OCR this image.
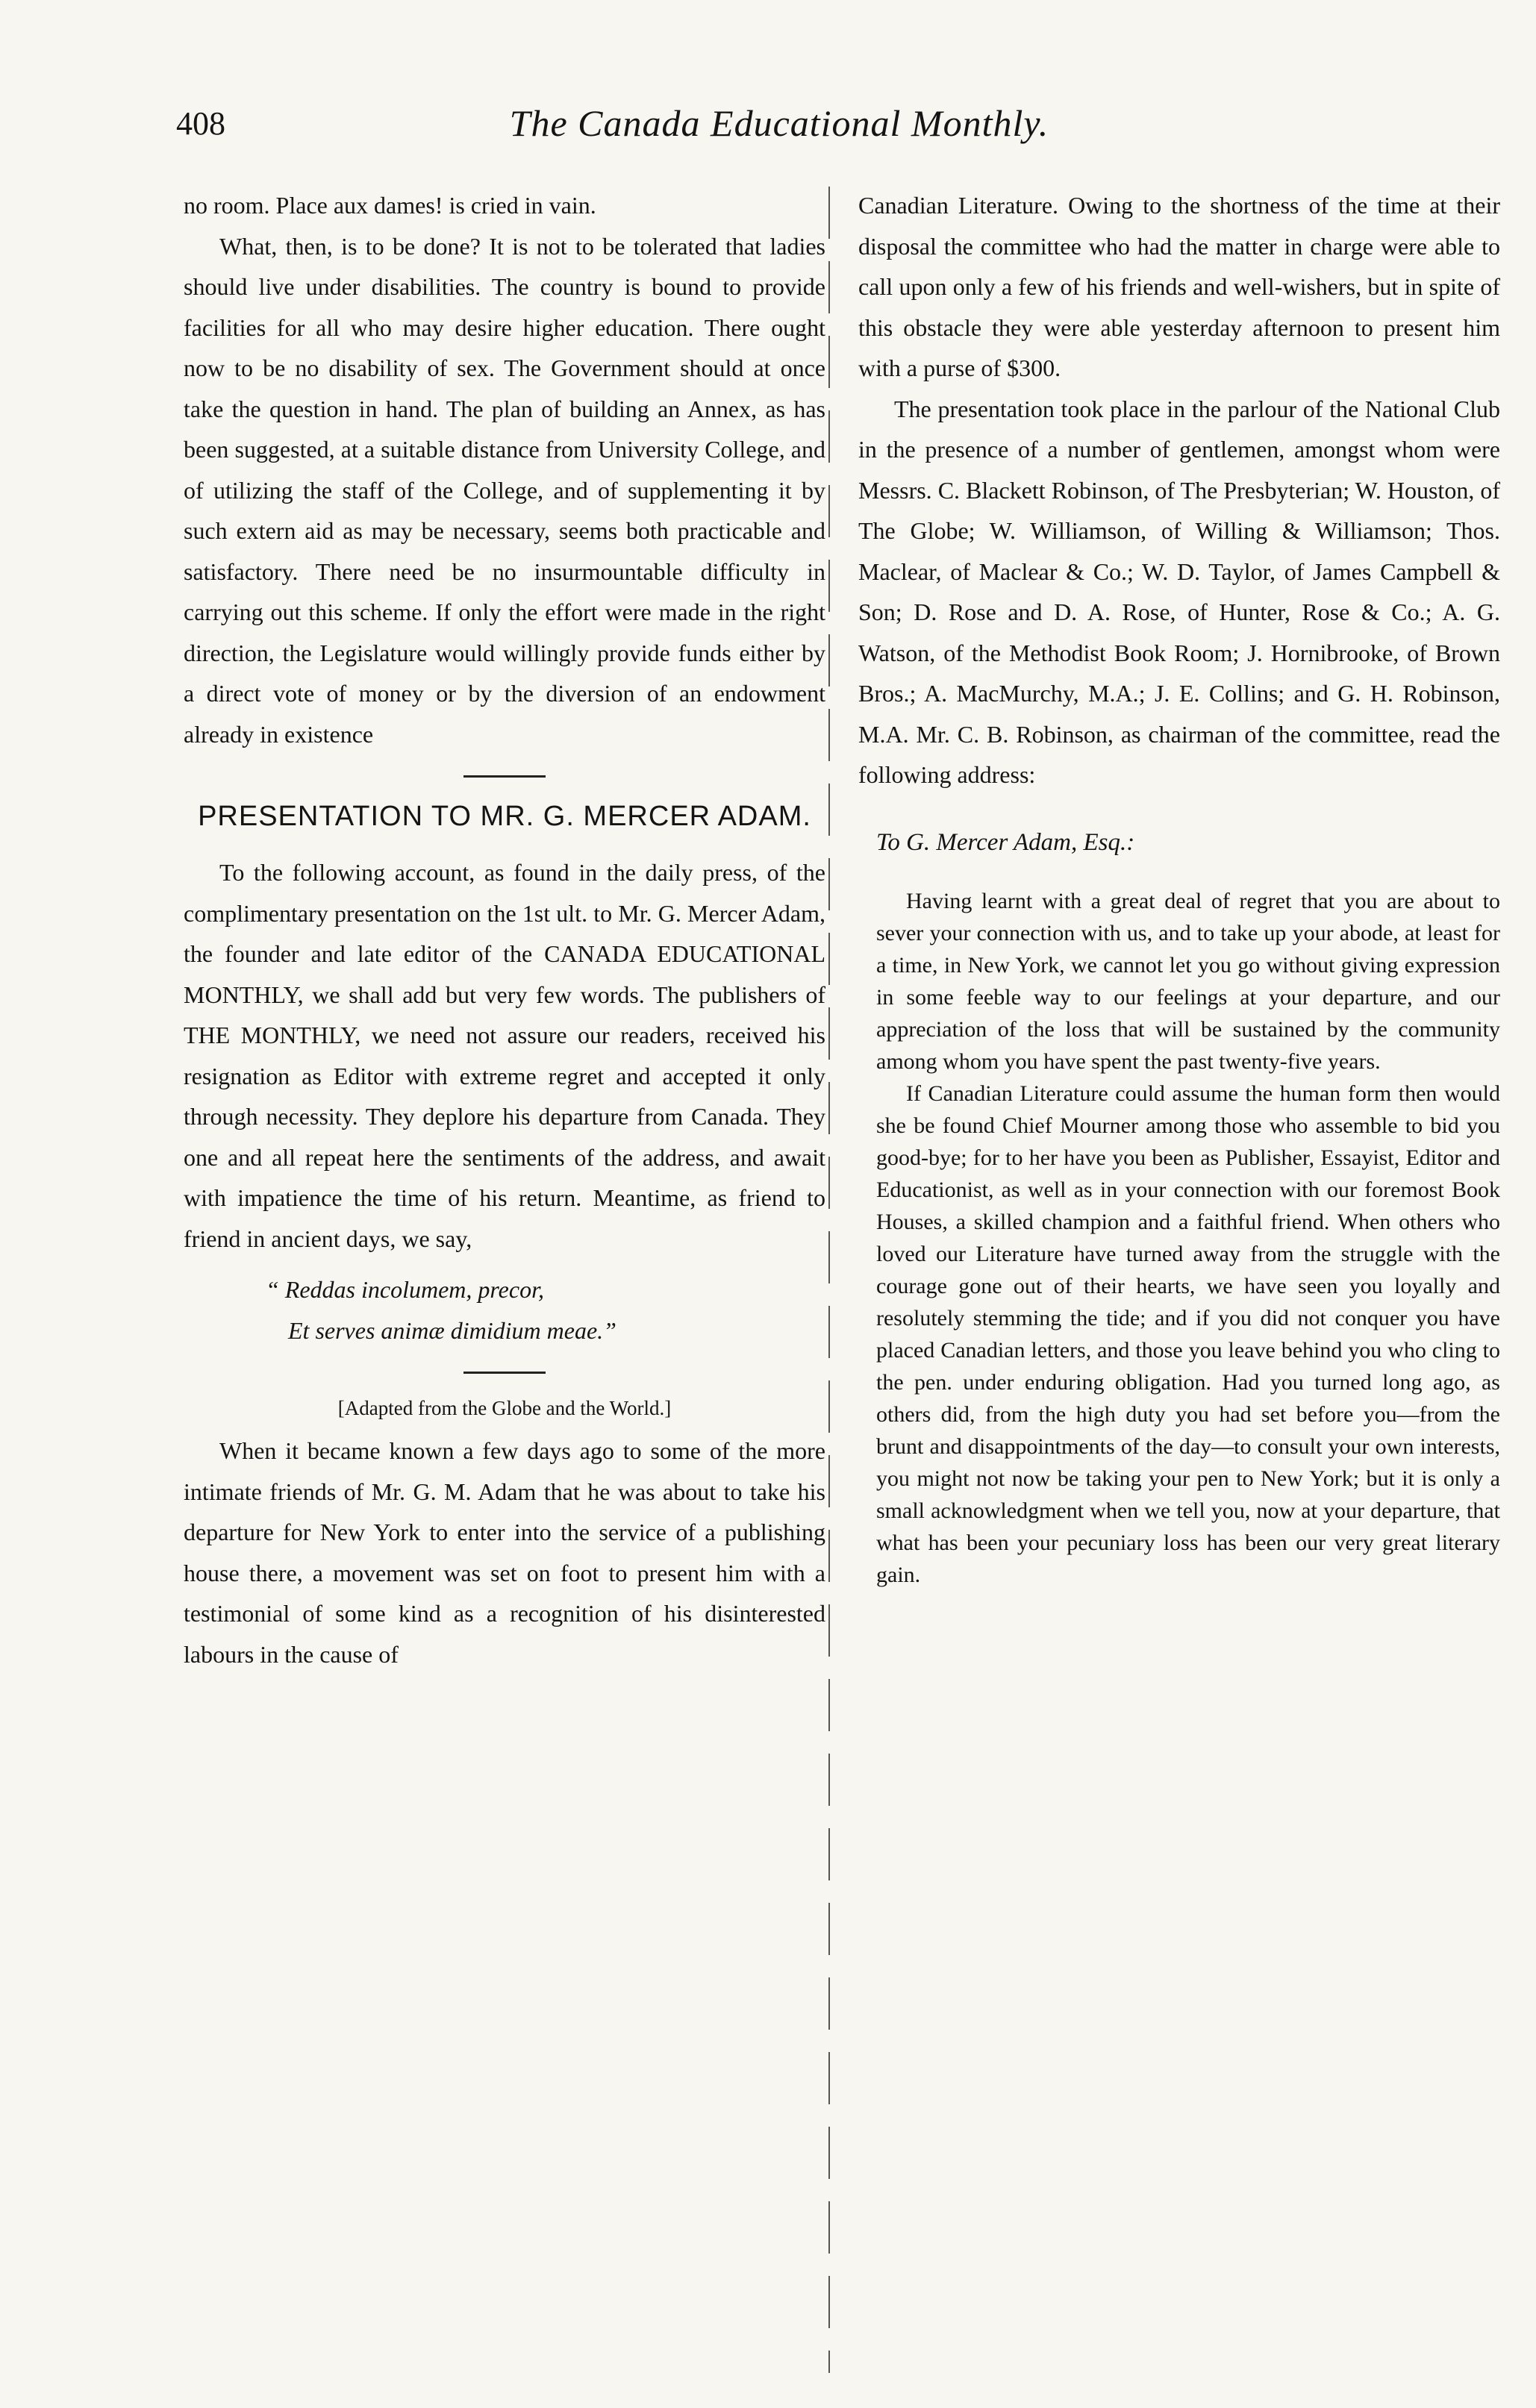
408	The Canada Educational Monthly.

no room. Place aux dames! is cried in vain.

What, then, is to be done? It is not to be tolerated that ladies should live under disabilities. The country is bound to provide facilities for all who may desire higher education. There ought now to be no disability of sex. The Government should at once take the question in hand. The plan of building an Annex, as has been suggested, at a suitable distance from University College, and of utilizing the staff of the College, and of supplementing it by such extern aid as may be necessary, seems both practicable and satisfactory. There need be no insurmountable difficulty in carrying out this scheme. If only the effort were made in the right direction, the Legislature would willingly provide funds either by a direct vote of money or by the diversion of an endowment already in existence

PRESENTATION TO MR. G. MERCER ADAM.

To the following account, as found in the daily press, of the complimentary presentation on the 1st ult. to Mr. G. Mercer Adam, the founder and late editor of the CANADA EDUCATIONAL MONTHLY, we shall add but very few words. The publishers of THE MONTHLY, we need not assure our readers, received his resignation as Editor with extreme regret and accepted it only through necessity. They deplore his departure from Canada. They one and all repeat here the sentiments of the address, and await with impatience the time of his return. Meantime, as friend to friend in ancient days, we say,

“ Reddas incolumem, precor,
Et serves animæ dimidium meae.”

[Adapted from the Globe and the World.]

When it became known a few days ago to some of the more intimate friends of Mr. G. M. Adam that he was about to take his departure for New York to enter into the service of a publishing house there, a movement was set on foot to present him with a testimonial of some kind as a recognition of his disinterested labours in the cause of

Canadian Literature. Owing to the shortness of the time at their disposal the committee who had the matter in charge were able to call upon only a few of his friends and well-wishers, but in spite of this obstacle they were able yesterday afternoon to present him with a purse of $300.

The presentation took place in the parlour of the National Club in the presence of a number of gentlemen, amongst whom were Messrs. C. Blackett Robinson, of The Presbyterian; W. Houston, of The Globe; W. Williamson, of Willing & Williamson; Thos. Maclear, of Maclear & Co.; W. D. Taylor, of James Campbell & Son; D. Rose and D. A. Rose, of Hunter, Rose & Co.; A. G. Watson, of the Methodist Book Room; J. Hornibrooke, of Brown Bros.; A. MacMurchy, M.A.; J. E. Collins; and G. H. Robinson, M.A. Mr. C. B. Robinson, as chairman of the committee, read the following address:

To G. Mercer Adam, Esq.:

Having learnt with a great deal of regret that you are about to sever your connection with us, and to take up your abode, at least for a time, in New York, we cannot let you go without giving expression in some feeble way to our feelings at your departure, and our appreciation of the loss that will be sustained by the community among whom you have spent the past twenty-five years.

If Canadian Literature could assume the human form then would she be found Chief Mourner among those who assemble to bid you good-bye; for to her have you been as Publisher, Essayist, Editor and Educationist, as well as in your connection with our foremost Book Houses, a skilled champion and a faithful friend. When others who loved our Literature have turned away from the struggle with the courage gone out of their hearts, we have seen you loyally and resolutely stemming the tide; and if you did not conquer you have placed Canadian letters, and those you leave behind you who cling to the pen. under enduring obligation. Had you turned long ago, as others did, from the high duty you had set before you—from the brunt and disappointments of the day—to consult your own interests, you might not now be taking your pen to New York; but it is only a small acknowledgment when we tell you, now at your departure, that what has been your pecuniary loss has been our very great literary gain.
